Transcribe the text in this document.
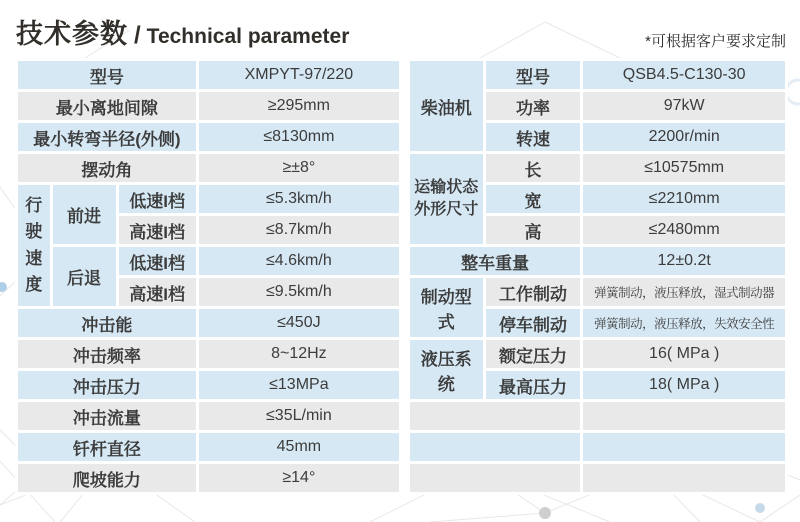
技术参数 / Technical parameter	*可根据客户要求定制
型号			XMPYT-97/220
最小离地间隙			≥295mm
最小转弯半径(外侧)			≤8130mm
摆动角			≥±8°
行驶速度	前进	低速I档	≤5.3km/h
		高速I档	≤8.7km/h
	后退	低速I档	≤4.6km/h
		高速I档	≤9.5km/h
冲击能			≤450J
冲击频率			8~12Hz
冲击压力			≤13MPa
冲击流量			≤35L/min
钎杆直径			45mm
爬坡能力			≥14°
柴油机	型号	QSB4.5-C130-30
	功率	97kW
	转速	2200r/min
运输状态外形尺寸	长	≤10575mm
	宽	≤2210mm
	高	≤2480mm
整车重量		12±0.2t
制动型式	工作制动	弹簧制动，液压释放，湿式制动器
	停车制动	弹簧制动，液压释放，失效安全性
液压系统	额定压力	16( MPa )
	最高压力	18( MPa )
